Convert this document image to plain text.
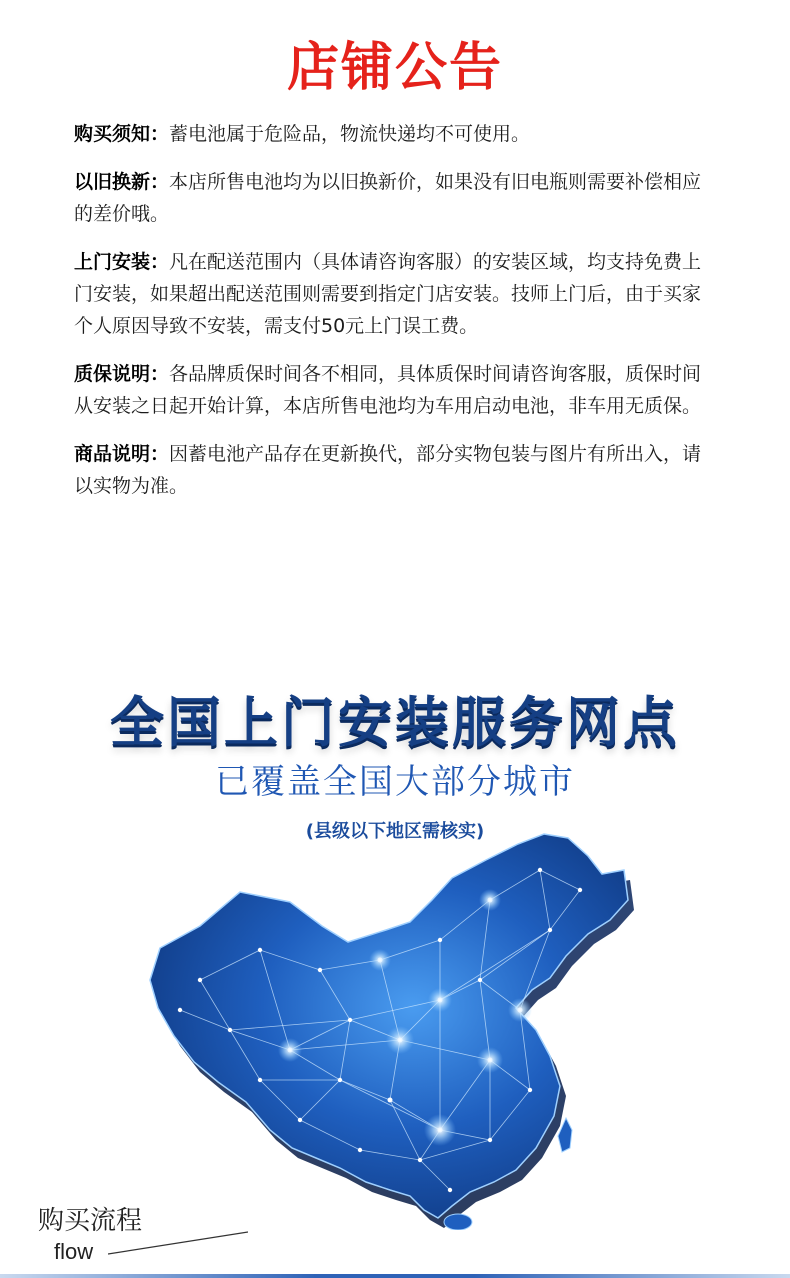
店铺公告
购买须知：蓄电池属于危险品，物流快递均不可使用。
以旧换新：本店所售电池均为以旧换新价，如果没有旧电瓶则需要补偿相应的差价哦。
上门安装：凡在配送范围内（具体请咨询客服）的安装区域，均支持免费上门安装，如果超出配送范围则需要到指定门店安装。技师上门后，由于买家个人原因导致不安装，需支付50元上门误工费。
质保说明：各品牌质保时间各不相同，具体质保时间请咨询客服，质保时间从安装之日起开始计算，本店所售电池均为车用启动电池，非车用无质保。
商品说明：因蓄电池产品存在更新换代，部分实物包装与图片有所出入，请以实物为准。
全国上门安装服务网点
已覆盖全国大部分城市
(县级以下地区需核实)
购买流程
flow
